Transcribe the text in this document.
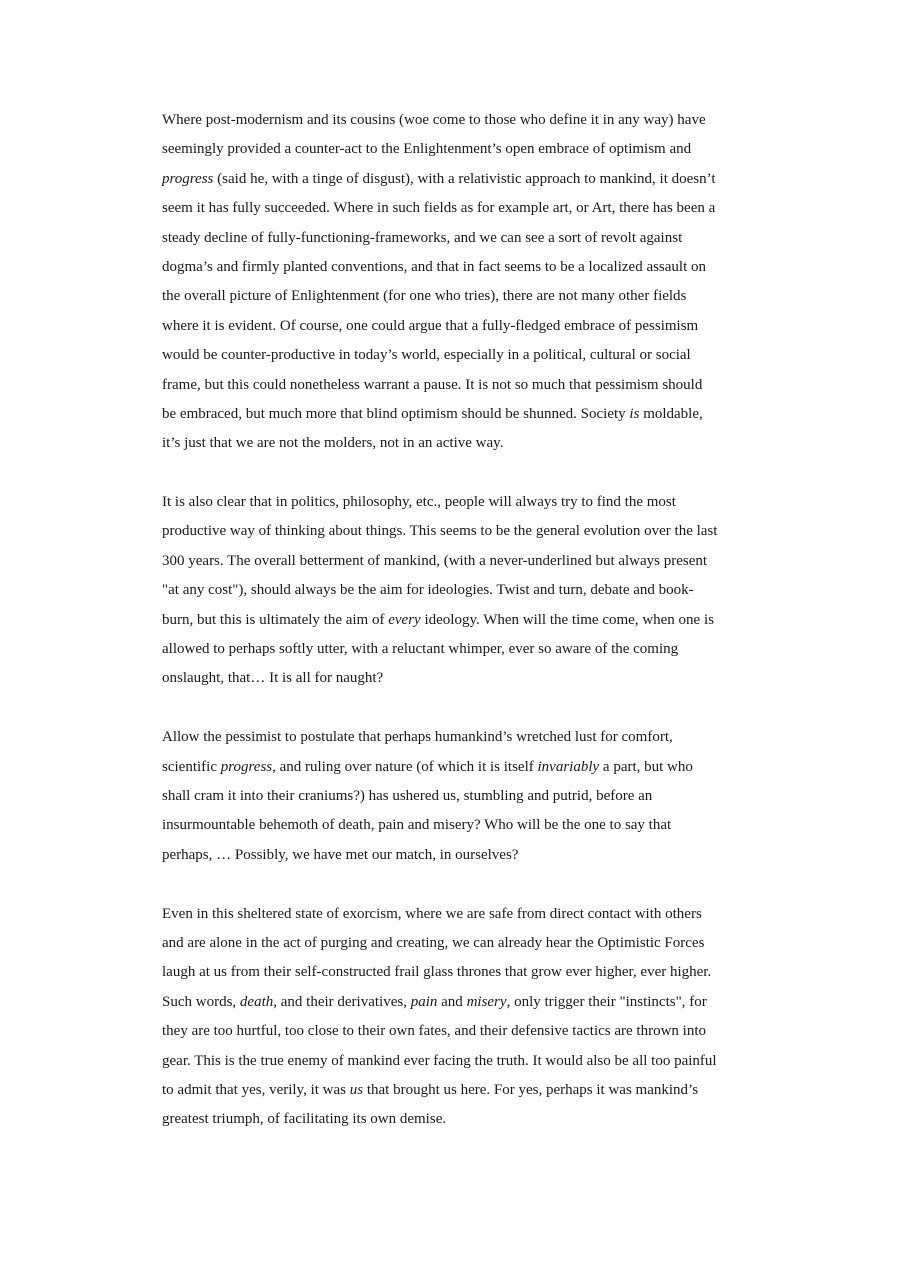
Where post-modernism and its cousins (woe come to those who define it in any way) have
seemingly provided a counter-act to the Enlightenment’s open embrace of optimism and
progress (said he, with a tinge of disgust), with a relativistic approach to mankind, it doesn’t
seem it has fully succeeded. Where in such fields as for example art, or Art, there has been a
steady decline of fully-functioning-frameworks, and we can see a sort of revolt against
dogma’s and firmly planted conventions, and that in fact seems to be a localized assault on
the overall picture of Enlightenment (for one who tries), there are not many other fields
where it is evident. Of course, one could argue that a fully-fledged embrace of pessimism
would be counter-productive in today’s world, especially in a political, cultural or social
frame, but this could nonetheless warrant a pause. It is not so much that pessimism should
be embraced, but much more that blind optimism should be shunned. Society is moldable,
it’s just that we are not the molders, not in an active way.
It is also clear that in politics, philosophy, etc., people will always try to find the most
productive way of thinking about things. This seems to be the general evolution over the last
300 years. The overall betterment of mankind, (with a never-underlined but always present
"at any cost"), should always be the aim for ideologies. Twist and turn, debate and book-
burn, but this is ultimately the aim of every ideology. When will the time come, when one is
allowed to perhaps softly utter, with a reluctant whimper, ever so aware of the coming
onslaught, that… It is all for naught?
Allow the pessimist to postulate that perhaps humankind’s wretched lust for comfort,
scientific progress, and ruling over nature (of which it is itself invariably a part, but who
shall cram it into their craniums?) has ushered us, stumbling and putrid, before an
insurmountable behemoth of death, pain and misery? Who will be the one to say that
perhaps, … Possibly, we have met our match, in ourselves?
Even in this sheltered state of exorcism, where we are safe from direct contact with others
and are alone in the act of purging and creating, we can already hear the Optimistic Forces
laugh at us from their self-constructed frail glass thrones that grow ever higher, ever higher.
Such words, death, and their derivatives, pain and misery, only trigger their "instincts", for
they are too hurtful, too close to their own fates, and their defensive tactics are thrown into
gear. This is the true enemy of mankind ever facing the truth. It would also be all too painful
to admit that yes, verily, it was us that brought us here. For yes, perhaps it was mankind’s
greatest triumph, of facilitating its own demise.
